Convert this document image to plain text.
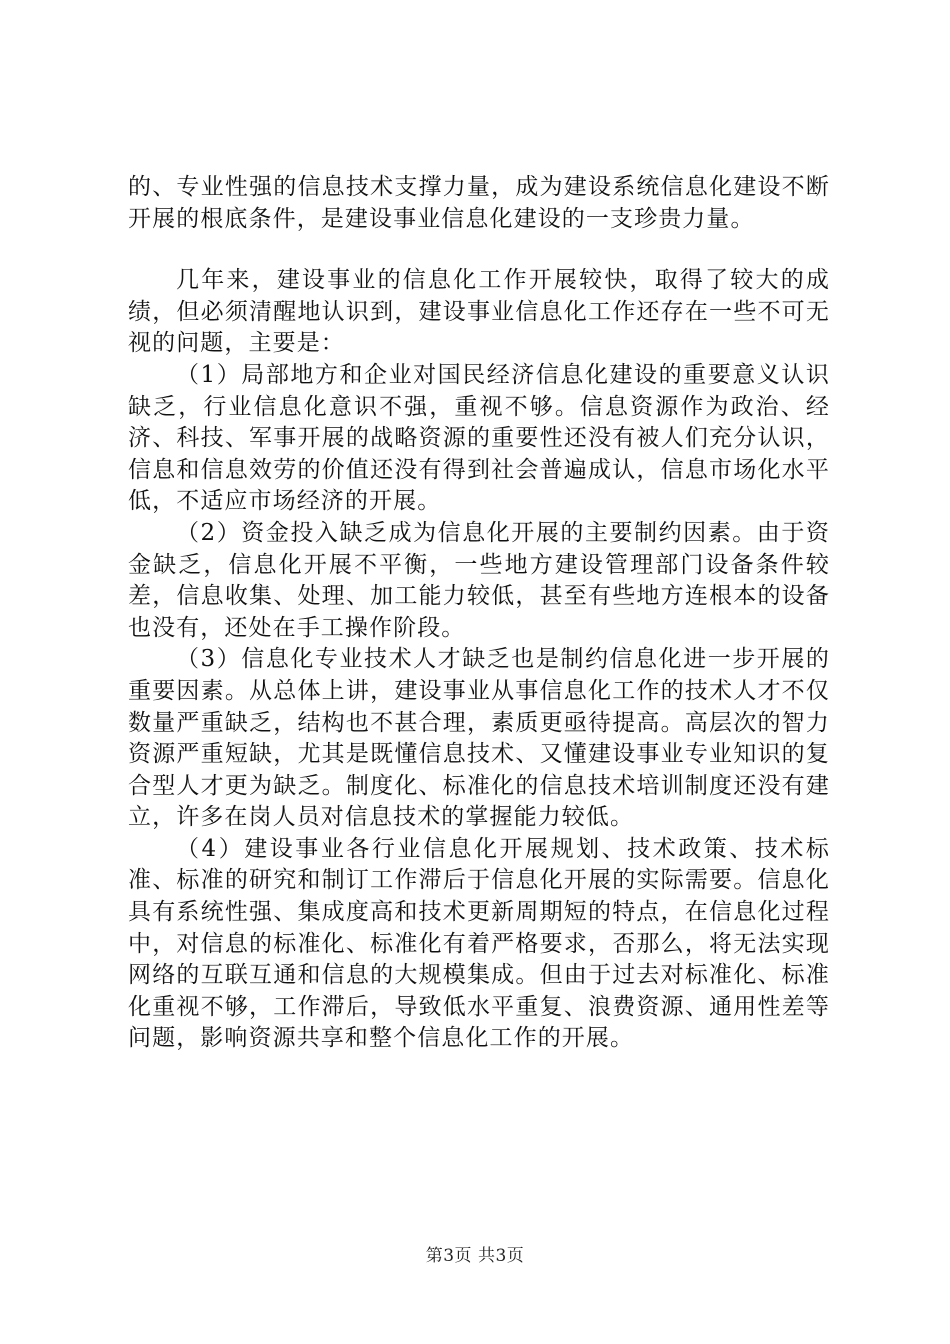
的、专业性强的信息技术支撑力量，成为建设系统信息化建设不断开展的根底条件，是建设事业信息化建设的一支珍贵力量。

几年来，建设事业的信息化工作开展较快，取得了较大的成绩，但必须清醒地认识到，建设事业信息化工作还存在一些不可无视的问题，主要是：

（1）局部地方和企业对国民经济信息化建设的重要意义认识缺乏，行业信息化意识不强，重视不够。信息资源作为政治、经济、科技、军事开展的战略资源的重要性还没有被人们充分认识，信息和信息效劳的价值还没有得到社会普遍成认，信息市场化水平低，不适应市场经济的开展。

（2）资金投入缺乏成为信息化开展的主要制约因素。由于资金缺乏，信息化开展不平衡，一些地方建设管理部门设备条件较差，信息收集、处理、加工能力较低，甚至有些地方连根本的设备也没有，还处在手工操作阶段。

（3）信息化专业技术人才缺乏也是制约信息化进一步开展的重要因素。从总体上讲，建设事业从事信息化工作的技术人才不仅数量严重缺乏，结构也不甚合理，素质更亟待提高。高层次的智力资源严重短缺，尤其是既懂信息技术、又懂建设事业专业知识的复合型人才更为缺乏。制度化、标准化的信息技术培训制度还没有建立，许多在岗人员对信息技术的掌握能力较低。

（4）建设事业各行业信息化开展规划、技术政策、技术标准、标准的研究和制订工作滞后于信息化开展的实际需要。信息化具有系统性强、集成度高和技术更新周期短的特点，在信息化过程中，对信息的标准化、标准化有着严格要求，否那么，将无法实现网络的互联互通和信息的大规模集成。但由于过去对标准化、标准化重视不够，工作滞后，导致低水平重复、浪费资源、通用性差等问题，影响资源共享和整个信息化工作的开展。

第3页 共3页
